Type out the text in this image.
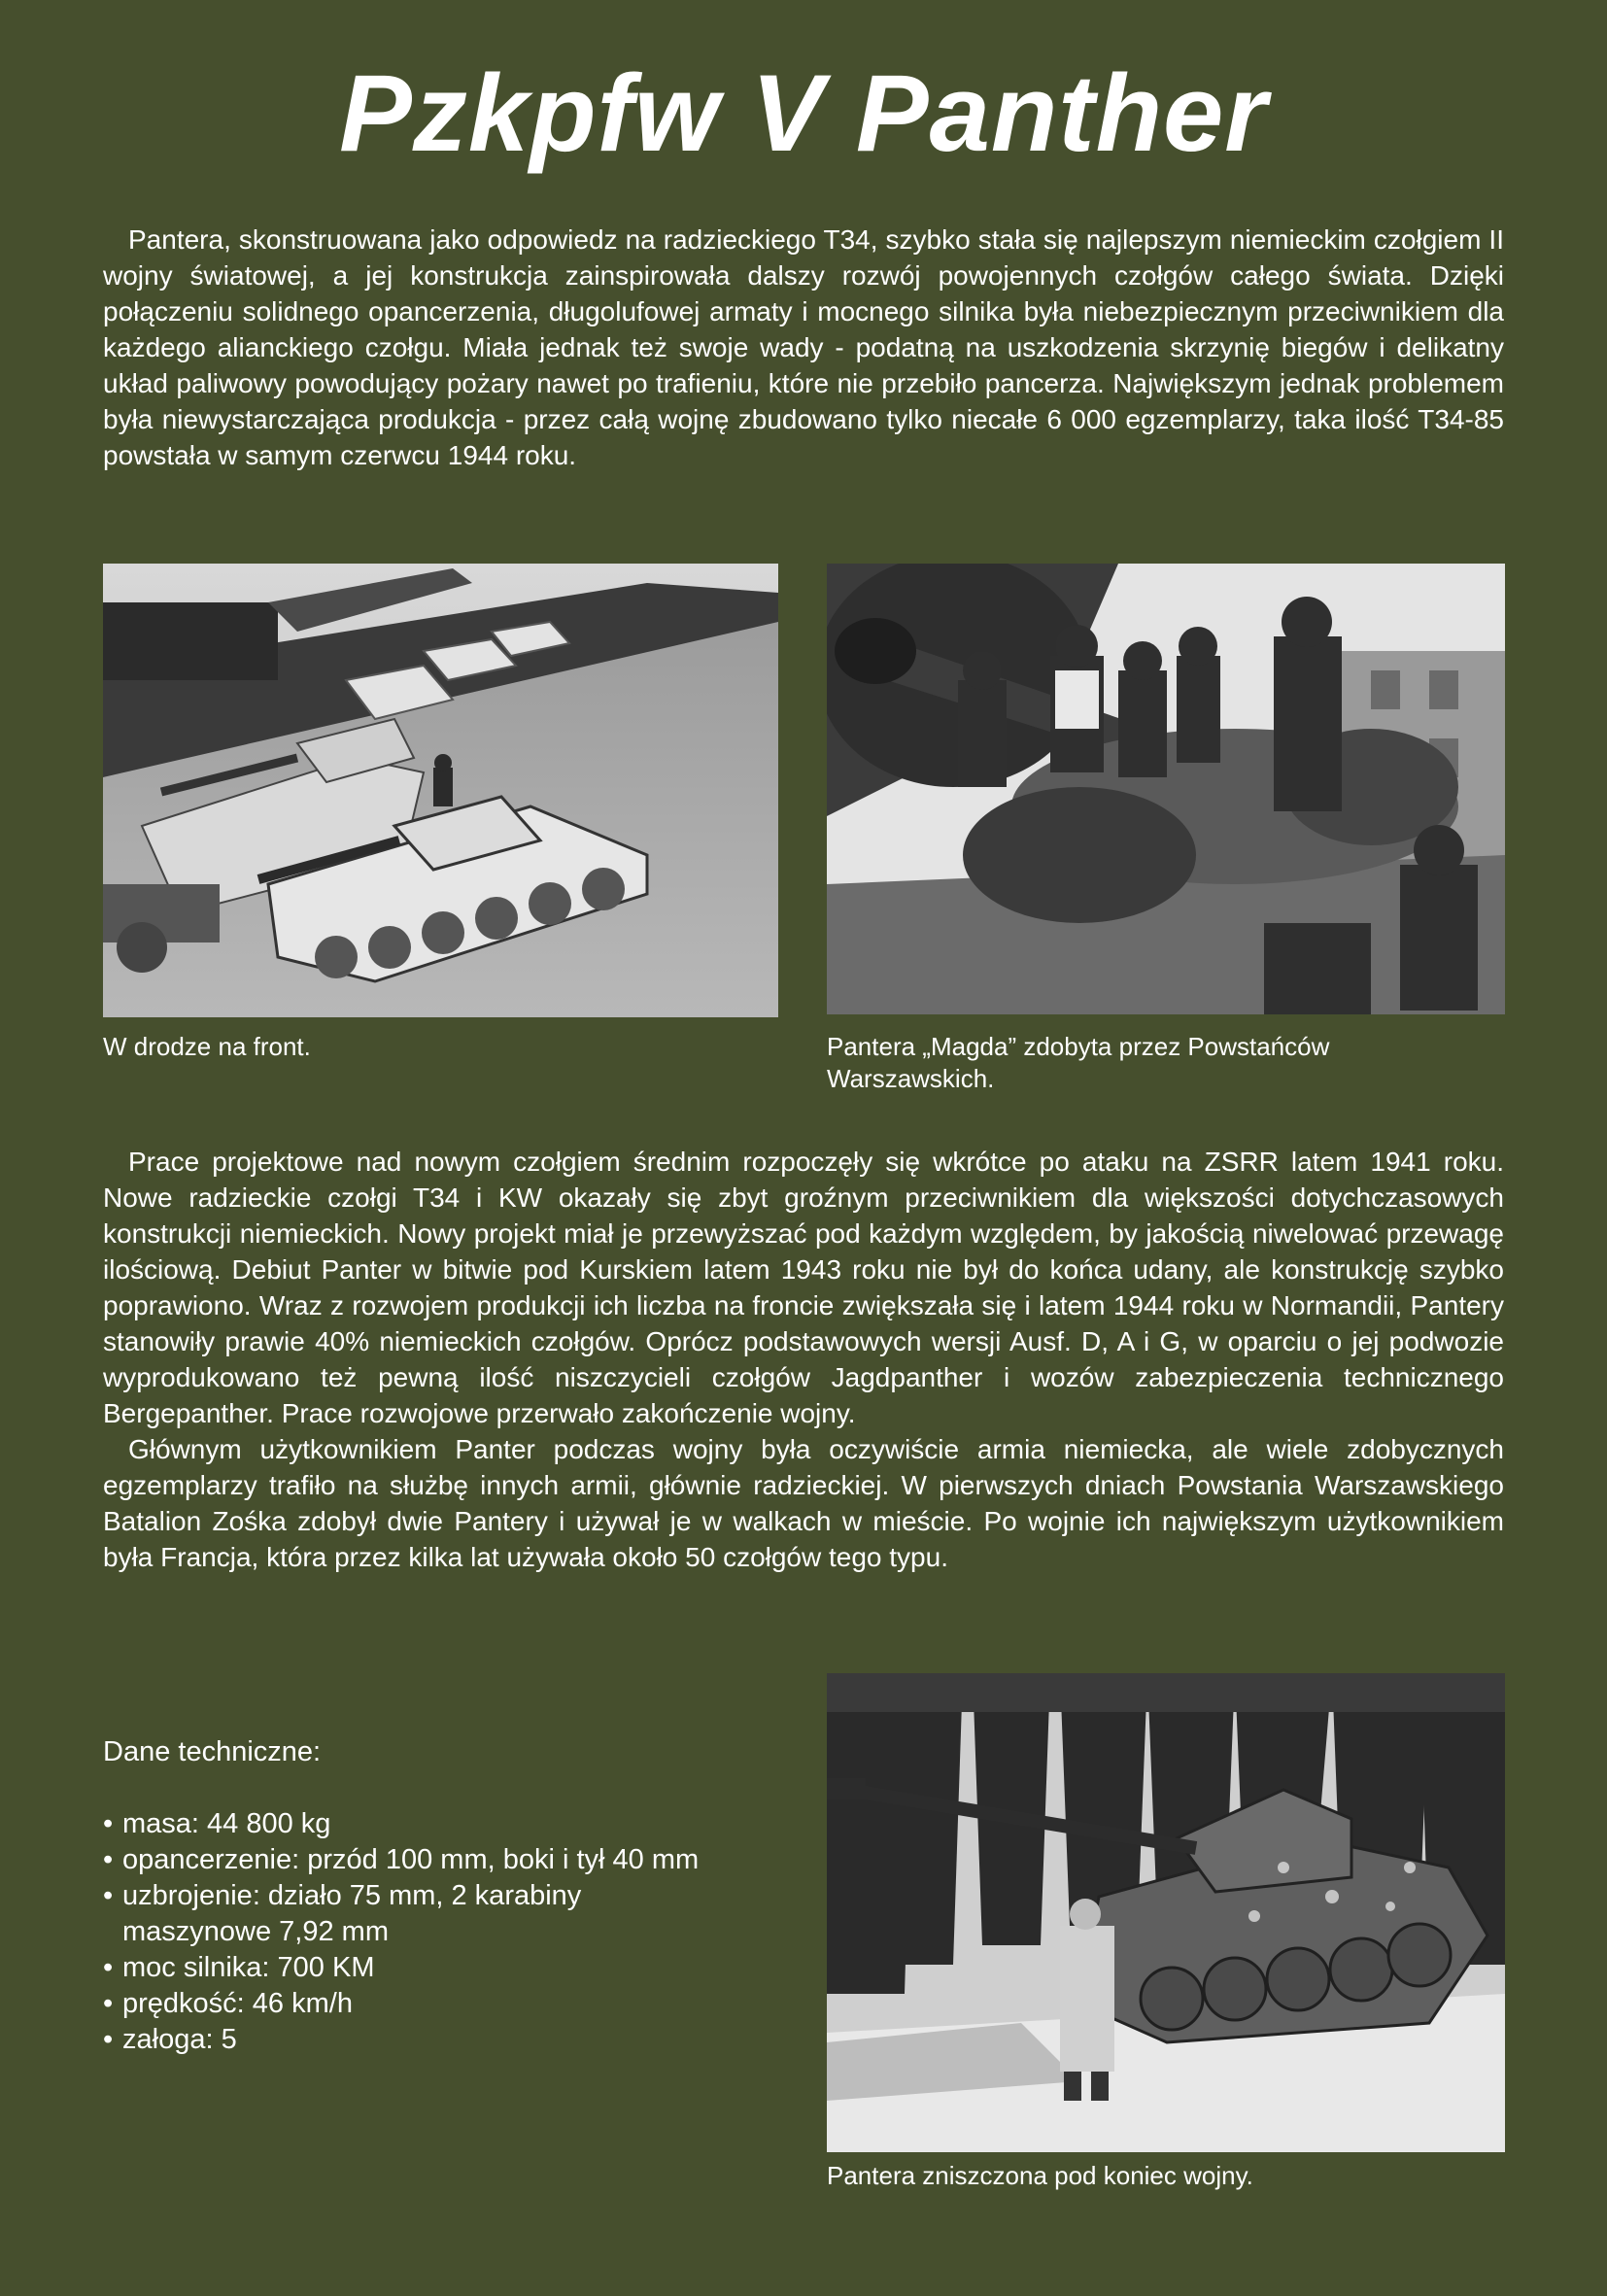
Pzkpfw V Panther

Pantera, skonstruowana jako odpowiedz na radzieckiego T34, szybko stała się najlepszym niemieckim czołgiem II wojny światowej, a jej konstrukcja zainspirowała dalszy rozwój powojennych czołgów całego świata. Dzięki połączeniu solidnego opancerzenia, długolufowej armaty i mocnego silnika była niebezpiecznym przeciwnikiem dla każdego alianckiego czołgu. Miała jednak też swoje wady - podatną na uszkodzenia skrzynię biegów i delikatny układ paliwowy powodujący pożary nawet po trafieniu, które nie przebiło pancerza. Największym jednak problemem była niewystarczająca produkcja - przez całą wojnę zbudowano tylko niecałe 6 000 egzemplarzy, taka ilość T34-85 powstała w samym czerwcu 1944 roku.

W drodze na front.	Pantera „Magda” zdobyta przez Powstańców Warszawskich.

Prace projektowe nad nowym czołgiem średnim rozpoczęły się wkrótce po ataku na ZSRR latem 1941 roku. Nowe radzieckie czołgi T34 i KW okazały się zbyt groźnym przeciwnikiem dla większości dotychczasowych konstrukcji niemieckich. Nowy projekt miał je przewyższać pod każdym względem, by jakością niwelować przewagę ilościową. Debiut Panter w bitwie pod Kurskiem latem 1943 roku nie był do końca udany, ale konstrukcję szybko poprawiono. Wraz z rozwojem produkcji ich liczba na froncie zwiększała się i latem 1944 roku w Normandii, Pantery stanowiły prawie 40% niemieckich czołgów. Oprócz podstawowych wersji Ausf. D, A i G, w oparciu o jej podwozie wyprodukowano też pewną ilość niszczycieli czołgów Jagdpanther i wozów zabezpieczenia technicznego Bergepanther. Prace rozwojowe przerwało zakończenie wojny.

Głównym użytkownikiem Panter podczas wojny była oczywiście armia niemiecka, ale wiele zdobycznych egzemplarzy trafiło na służbę innych armii, głównie radzieckiej. W pierwszych dniach Powstania Warszawskiego Batalion Zośka zdobył dwie Pantery i używał je w walkach w mieście. Po wojnie ich największym użytkownikiem była Francja, która przez kilka lat używała około 50 czołgów tego typu.

Dane techniczne:

• masa: 44 800 kg
• opancerzenie: przód 100 mm, boki i tył 40 mm
• uzbrojenie: działo 75 mm, 2 karabiny maszynowe 7,92 mm
• moc silnika: 700 KM
• prędkość: 46 km/h
• załoga: 5

Pantera zniszczona pod koniec wojny.
